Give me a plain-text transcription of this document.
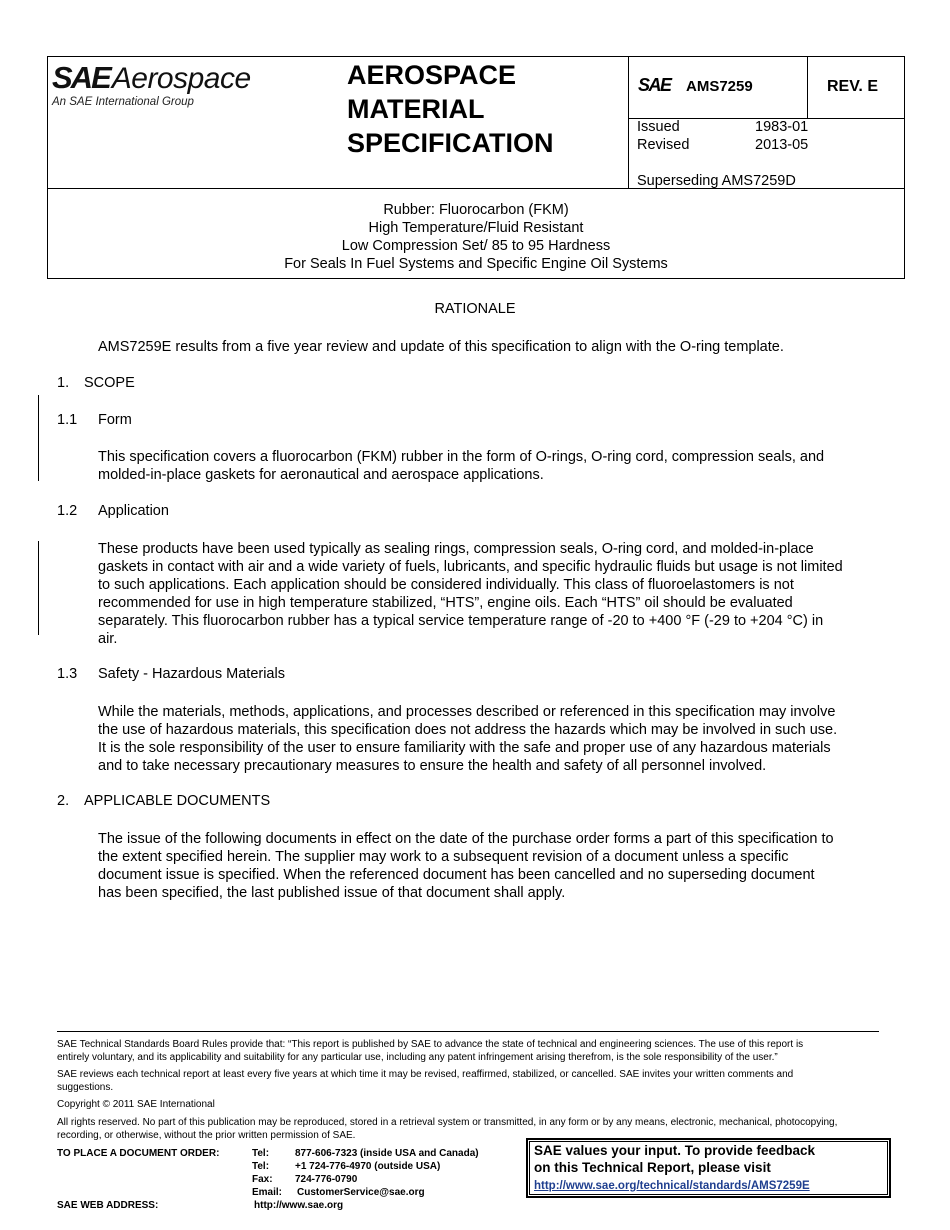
SAEAerospace
An SAE International Group
AEROSPACE
MATERIAL
SPECIFICATION
SAE AMS7259	REV. E
Issued	1983-01
Revised	2013-05
Superseding AMS7259D
Rubber: Fluorocarbon (FKM)
High Temperature/Fluid Resistant
Low Compression Set/ 85 to 95 Hardness
For Seals In Fuel Systems and Specific Engine Oil Systems
RATIONALE
AMS7259E results from a five year review and update of this specification to align with the O-ring template.
1. SCOPE
1.1 Form
This specification covers a fluorocarbon (FKM) rubber in the form of O-rings, O-ring cord, compression seals, and
molded-in-place gaskets for aeronautical and aerospace applications.
1.2 Application
These products have been used typically as sealing rings, compression seals, O-ring cord, and molded-in-place
gaskets in contact with air and a wide variety of fuels, lubricants, and specific hydraulic fluids but usage is not limited
to such applications. Each application should be considered individually. This class of fluoroelastomers is not
recommended for use in high temperature stabilized, “HTS”, engine oils. Each “HTS” oil should be evaluated
separately. This fluorocarbon rubber has a typical service temperature range of -20 to +400 °F (-29 to +204 °C) in
air.
1.3 Safety - Hazardous Materials
While the materials, methods, applications, and processes described or referenced in this specification may involve
the use of hazardous materials, this specification does not address the hazards which may be involved in such use.
It is the sole responsibility of the user to ensure familiarity with the safe and proper use of any hazardous materials
and to take necessary precautionary measures to ensure the health and safety of all personnel involved.
2. APPLICABLE DOCUMENTS
The issue of the following documents in effect on the date of the purchase order forms a part of this specification to
the extent specified herein. The supplier may work to a subsequent revision of a document unless a specific
document issue is specified. When the referenced document has been cancelled and no superseding document
has been specified, the last published issue of that document shall apply.
SAE Technical Standards Board Rules provide that: “This report is published by SAE to advance the state of technical and engineering sciences. The use of this report is
entirely voluntary, and its applicability and suitability for any particular use, including any patent infringement arising therefrom, is the sole responsibility of the user.”
SAE reviews each technical report at least every five years at which time it may be revised, reaffirmed, stabilized, or cancelled. SAE invites your written comments and
suggestions.
Copyright © 2011 SAE International
All rights reserved. No part of this publication may be reproduced, stored in a retrieval system or transmitted, in any form or by any means, electronic, mechanical, photocopying,
recording, or otherwise, without the prior written permission of SAE.
TO PLACE A DOCUMENT ORDER:	Tel:	877-606-7323 (inside USA and Canada)
Tel:	+1 724-776-4970 (outside USA)
Fax: 724-776-0790
Email: CustomerService@sae.org
SAE WEB ADDRESS:	http://www.sae.org
SAE values your input. To provide feedback
on this Technical Report, please visit
http://www.sae.org/technical/standards/AMS7259E
